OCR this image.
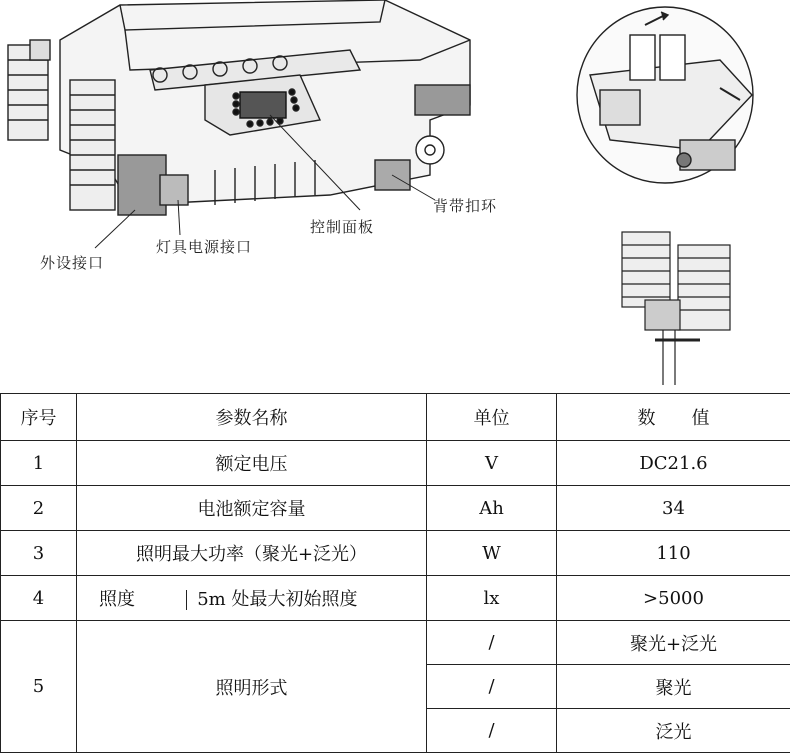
背带扣环
控制面板
灯具电源接口
外设接口
序号	参数名称	单位	数　　值
1	额定电压	V	DC21.6
2	电池额定容量	Ah	34
3	照明最大功率（聚光+泛光）	W	110
4	照度 5m 处最大初始照度	lx	>5000
5	照明形式	/	聚光+泛光
		/	聚光
		/	泛光
